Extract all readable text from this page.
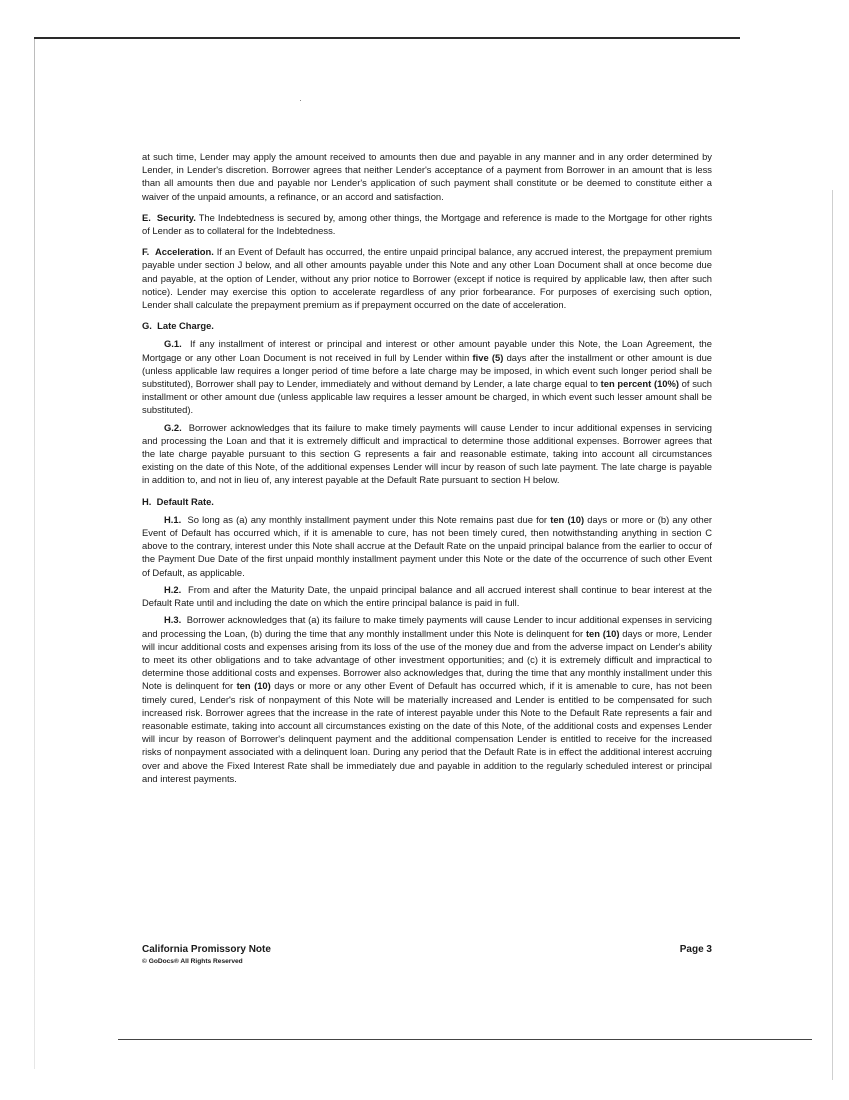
at such time, Lender may apply the amount received to amounts then due and payable in any manner and in any order determined by Lender, in Lender's discretion. Borrower agrees that neither Lender's acceptance of a payment from Borrower in an amount that is less than all amounts then due and payable nor Lender's application of such payment shall constitute or be deemed to constitute either a waiver of the unpaid amounts, a refinance, or an accord and satisfaction.

E. Security. The Indebtedness is secured by, among other things, the Mortgage and reference is made to the Mortgage for other rights of Lender as to collateral for the Indebtedness.

F. Acceleration. If an Event of Default has occurred, the entire unpaid principal balance, any accrued interest, the prepayment premium payable under section J below, and all other amounts payable under this Note and any other Loan Document shall at once become due and payable, at the option of Lender, without any prior notice to Borrower (except if notice is required by applicable law, then after such notice). Lender may exercise this option to accelerate regardless of any prior forbearance. For purposes of exercising such option, Lender shall calculate the prepayment premium as if prepayment occurred on the date of acceleration.

G. Late Charge.

G.1. If any installment of interest or principal and interest or other amount payable under this Note, the Loan Agreement, the Mortgage or any other Loan Document is not received in full by Lender within five (5) days after the installment or other amount is due (unless applicable law requires a longer period of time before a late charge may be imposed, in which event such longer period shall be substituted), Borrower shall pay to Lender, immediately and without demand by Lender, a late charge equal to ten percent (10%) of such installment or other amount due (unless applicable law requires a lesser amount be charged, in which event such lesser amount shall be substituted).

G.2. Borrower acknowledges that its failure to make timely payments will cause Lender to incur additional expenses in servicing and processing the Loan and that it is extremely difficult and impractical to determine those additional expenses. Borrower agrees that the late charge payable pursuant to this section G represents a fair and reasonable estimate, taking into account all circumstances existing on the date of this Note, of the additional expenses Lender will incur by reason of such late payment. The late charge is payable in addition to, and not in lieu of, any interest payable at the Default Rate pursuant to section H below.

H. Default Rate.

H.1. So long as (a) any monthly installment payment under this Note remains past due for ten (10) days or more or (b) any other Event of Default has occurred which, if it is amenable to cure, has not been timely cured, then notwithstanding anything in section C above to the contrary, interest under this Note shall accrue at the Default Rate on the unpaid principal balance from the earlier to occur of the Payment Due Date of the first unpaid monthly installment payment under this Note or the date of the occurrence of such other Event of Default, as applicable.

H.2. From and after the Maturity Date, the unpaid principal balance and all accrued interest shall continue to bear interest at the Default Rate until and including the date on which the entire principal balance is paid in full.

H.3. Borrower acknowledges that (a) its failure to make timely payments will cause Lender to incur additional expenses in servicing and processing the Loan, (b) during the time that any monthly installment under this Note is delinquent for ten (10) days or more, Lender will incur additional costs and expenses arising from its loss of the use of the money due and from the adverse impact on Lender's ability to meet its other obligations and to take advantage of other investment opportunities; and (c) it is extremely difficult and impractical to determine those additional costs and expenses. Borrower also acknowledges that, during the time that any monthly installment under this Note is delinquent for ten (10) days or more or any other Event of Default has occurred which, if it is amenable to cure, has not been timely cured, Lender's risk of nonpayment of this Note will be materially increased and Lender is entitled to be compensated for such increased risk. Borrower agrees that the increase in the rate of interest payable under this Note to the Default Rate represents a fair and reasonable estimate, taking into account all circumstances existing on the date of this Note, of the additional costs and expenses Lender will incur by reason of Borrower's delinquent payment and the additional compensation Lender is entitled to receive for the increased risks of nonpayment associated with a delinquent loan. During any period that the Default Rate is in effect the additional interest accruing over and above the Fixed Interest Rate shall be immediately due and payable in addition to the regularly scheduled interest or principal and interest payments.

California Promissory Note	Page 3
© GoDocs® All Rights Reserved
